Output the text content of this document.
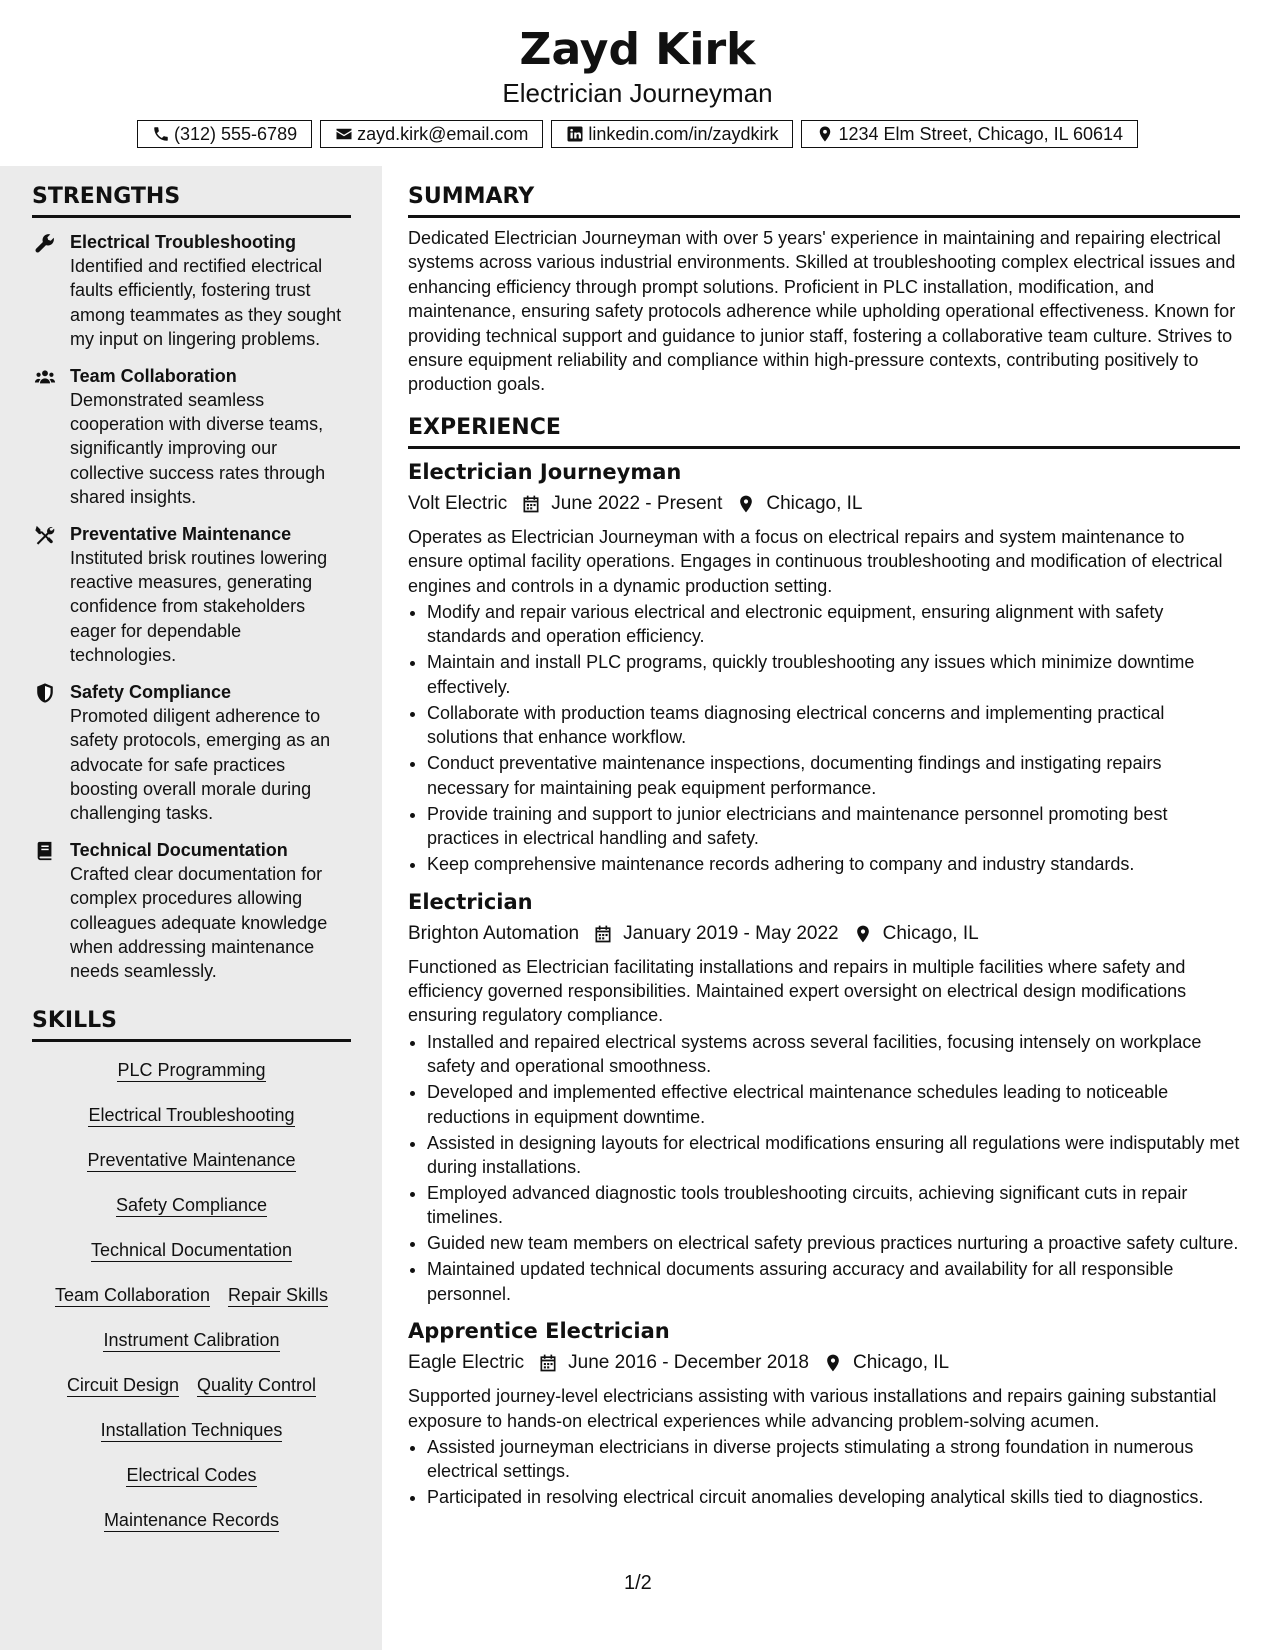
Zayd Kirk
Electrician Journeyman
(312) 555-6789	zayd.kirk@email.com	linkedin.com/in/zaydkirk	1234 Elm Street, Chicago, IL 60614
STRENGTHS
Electrical Troubleshooting
Identified and rectified electrical faults efficiently, fostering trust among teammates as they sought my input on lingering problems.
Team Collaboration
Demonstrated seamless cooperation with diverse teams, significantly improving our collective success rates through shared insights.
Preventative Maintenance
Instituted brisk routines lowering reactive measures, generating confidence from stakeholders eager for dependable technologies.
Safety Compliance
Promoted diligent adherence to safety protocols, emerging as an advocate for safe practices boosting overall morale during challenging tasks.
Technical Documentation
Crafted clear documentation for complex procedures allowing colleagues adequate knowledge when addressing maintenance needs seamlessly.
SKILLS
PLC Programming
Electrical Troubleshooting
Preventative Maintenance
Safety Compliance
Technical Documentation
Team Collaboration Repair Skills
Instrument Calibration
Circuit Design Quality Control
Installation Techniques
Electrical Codes
Maintenance Records
SUMMARY
Dedicated Electrician Journeyman with over 5 years' experience in maintaining and repairing electrical systems across various industrial environments. Skilled at troubleshooting complex electrical issues and enhancing efficiency through prompt solutions. Proficient in PLC installation, modification, and maintenance, ensuring safety protocols adherence while upholding operational effectiveness. Known for providing technical support and guidance to junior staff, fostering a collaborative team culture. Strives to ensure equipment reliability and compliance within high-pressure contexts, contributing positively to production goals.
EXPERIENCE
Electrician Journeyman
Volt Electric June 2022 - Present Chicago, IL
Operates as Electrician Journeyman with a focus on electrical repairs and system maintenance to ensure optimal facility operations. Engages in continuous troubleshooting and modification of electrical engines and controls in a dynamic production setting.
• Modify and repair various electrical and electronic equipment, ensuring alignment with safety standards and operation efficiency.
• Maintain and install PLC programs, quickly troubleshooting any issues which minimize downtime effectively.
• Collaborate with production teams diagnosing electrical concerns and implementing practical solutions that enhance workflow.
• Conduct preventative maintenance inspections, documenting findings and instigating repairs necessary for maintaining peak equipment performance.
• Provide training and support to junior electricians and maintenance personnel promoting best practices in electrical handling and safety.
• Keep comprehensive maintenance records adhering to company and industry standards.
Electrician
Brighton Automation January 2019 - May 2022 Chicago, IL
Functioned as Electrician facilitating installations and repairs in multiple facilities where safety and efficiency governed responsibilities. Maintained expert oversight on electrical design modifications ensuring regulatory compliance.
• Installed and repaired electrical systems across several facilities, focusing intensely on workplace safety and operational smoothness.
• Developed and implemented effective electrical maintenance schedules leading to noticeable reductions in equipment downtime.
• Assisted in designing layouts for electrical modifications ensuring all regulations were indisputably met during installations.
• Employed advanced diagnostic tools troubleshooting circuits, achieving significant cuts in repair timelines.
• Guided new team members on electrical safety previous practices nurturing a proactive safety culture.
• Maintained updated technical documents assuring accuracy and availability for all responsible personnel.
Apprentice Electrician
Eagle Electric June 2016 - December 2018 Chicago, IL
Supported journey-level electricians assisting with various installations and repairs gaining substantial exposure to hands-on electrical experiences while advancing problem-solving acumen.
• Assisted journeyman electricians in diverse projects stimulating a strong foundation in numerous electrical settings.
• Participated in resolving electrical circuit anomalies developing analytical skills tied to diagnostics.
1/2
